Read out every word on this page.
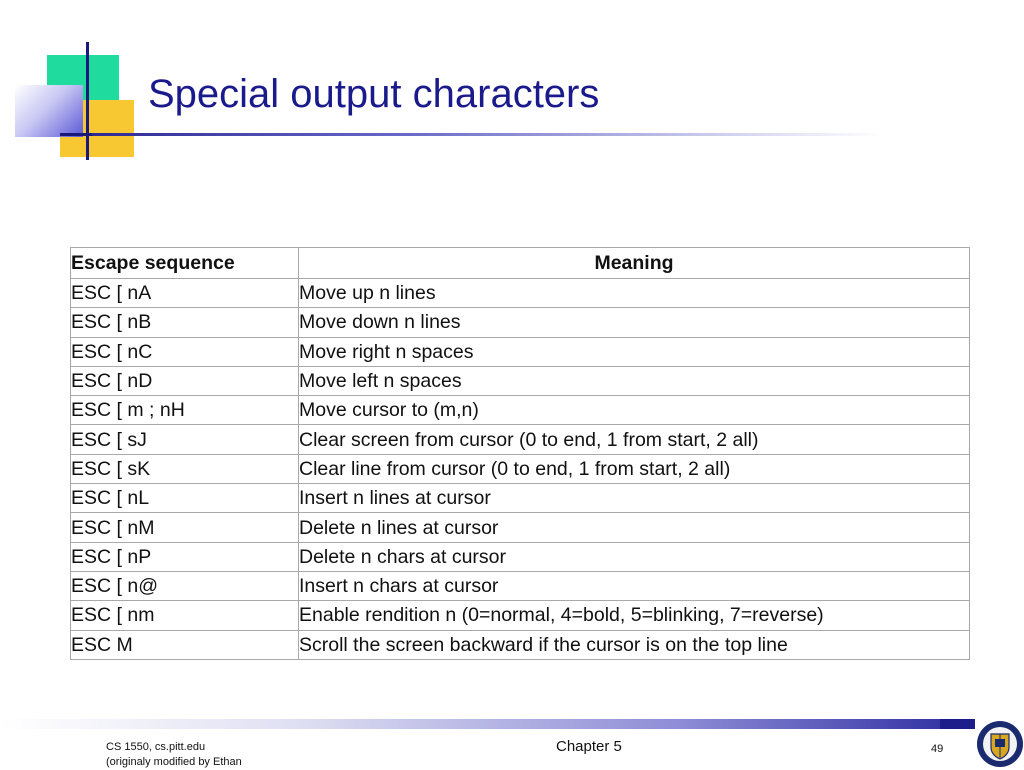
Special output characters
Escape sequence	Meaning
ESC [ nA	Move up n lines
ESC [ nB	Move down n lines
ESC [ nC	Move right n spaces
ESC [ nD	Move left n spaces
ESC [ m ; nH	Move cursor to (m,n)
ESC [ sJ	Clear screen from cursor (0 to end, 1 from start, 2 all)
ESC [ sK	Clear line from cursor (0 to end, 1 from start, 2 all)
ESC [ nL	Insert n lines at cursor
ESC [ nM	Delete n lines at cursor
ESC [ nP	Delete n chars at cursor
ESC [ n@	Insert n chars at cursor
ESC [ nm	Enable rendition n (0=normal, 4=bold, 5=blinking, 7=reverse)
ESC M	Scroll the screen backward if the cursor is on the top line
CS 1550, cs.pitt.edu
(originaly modified by Ethan
Chapter 5	49
